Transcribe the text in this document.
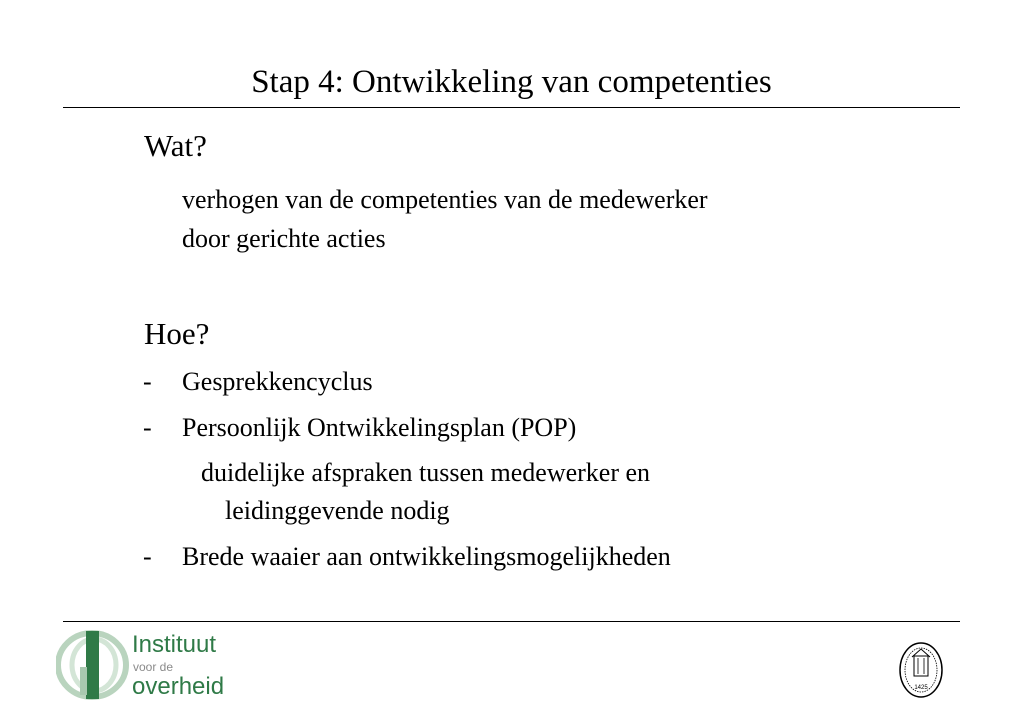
Stap 4: Ontwikkeling van competenties
Wat?
verhogen van de competenties van de medewerker
door gerichte acties
Hoe?
- Gesprekkencyclus
- Persoonlijk Ontwikkelingsplan (POP)
duidelijke afspraken tussen medewerker en
leidinggevende nodig
- Brede waaier aan ontwikkelingsmogelijkheden
Instituut
voor de
overheid	1425
